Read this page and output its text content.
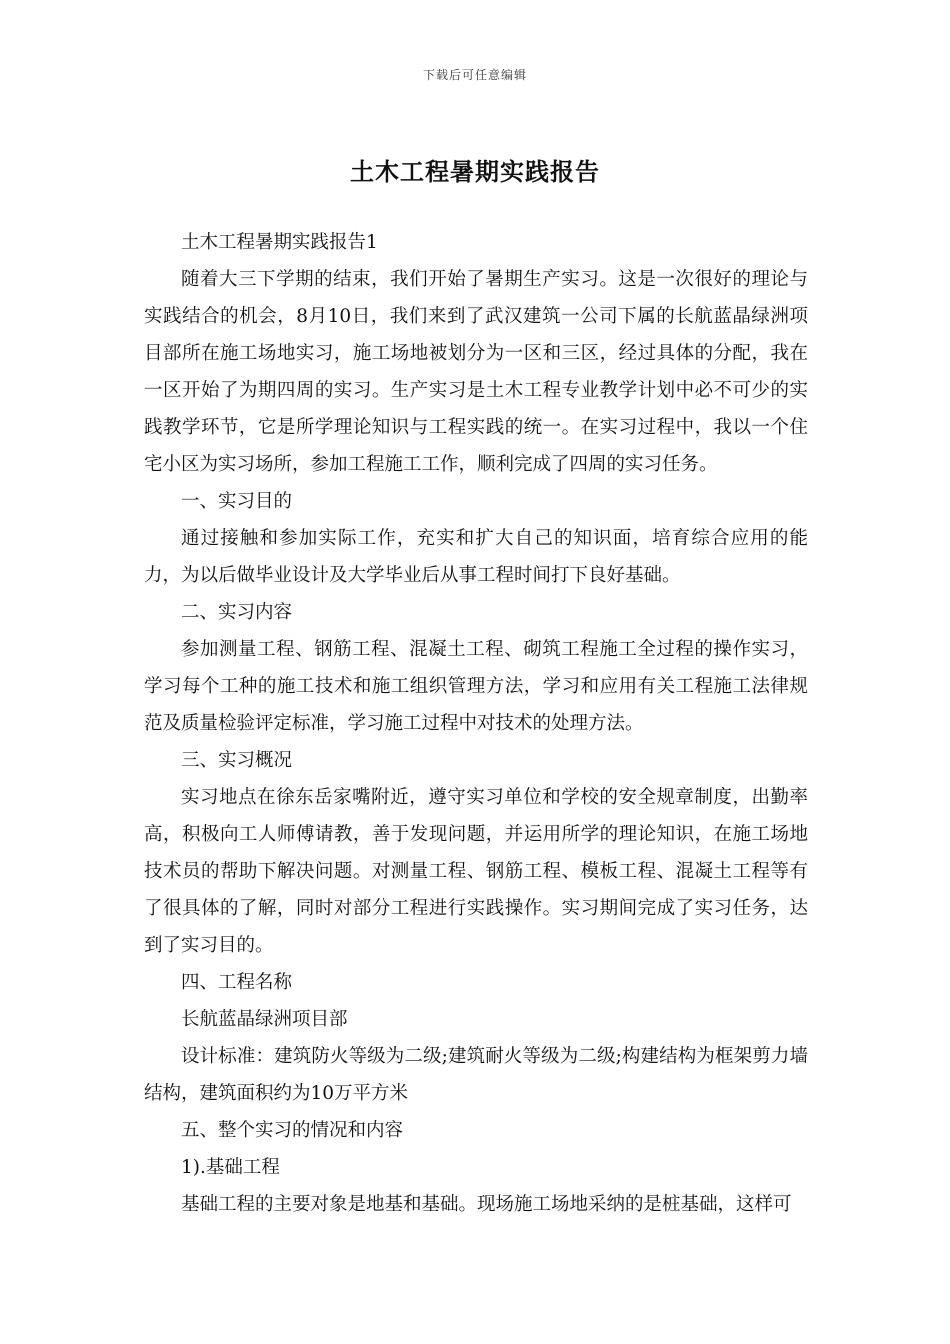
下载后可任意编辑
土木工程暑期实践报告

土木工程暑期实践报告1

随着大三下学期的结束，我们开始了暑期生产实习。这是一次很好的理论与实践结合的机会，8月10日，我们来到了武汉建筑一公司下属的长航蓝晶绿洲项目部所在施工场地实习，施工场地被划分为一区和三区，经过具体的分配，我在一区开始了为期四周的实习。生产实习是土木工程专业教学计划中必不可少的实践教学环节，它是所学理论知识与工程实践的统一。在实习过程中，我以一个住宅小区为实习场所，参加工程施工工作，顺利完成了四周的实习任务。

一、实习目的

通过接触和参加实际工作，充实和扩大自己的知识面，培育综合应用的能力，为以后做毕业设计及大学毕业后从事工程时间打下良好基础。

二、实习内容

参加测量工程、钢筋工程、混凝土工程、砌筑工程施工全过程的操作实习，学习每个工种的施工技术和施工组织管理方法，学习和应用有关工程施工法律规范及质量检验评定标准，学习施工过程中对技术的处理方法。

三、实习概况

实习地点在徐东岳家嘴附近，遵守实习单位和学校的安全规章制度，出勤率高，积极向工人师傅请教，善于发现问题，并运用所学的理论知识，在施工场地技术员的帮助下解决问题。对测量工程、钢筋工程、模板工程、混凝土工程等有了很具体的了解，同时对部分工程进行实践操作。实习期间完成了实习任务，达到了实习目的。

四、工程名称

长航蓝晶绿洲项目部

设计标准：建筑防火等级为二级;建筑耐火等级为二级;构建结构为框架剪力墙结构，建筑面积约为10万平方米

五、整个实习的情况和内容

1).基础工程

基础工程的主要对象是地基和基础。现场施工场地采纳的是桩基础，这样可
